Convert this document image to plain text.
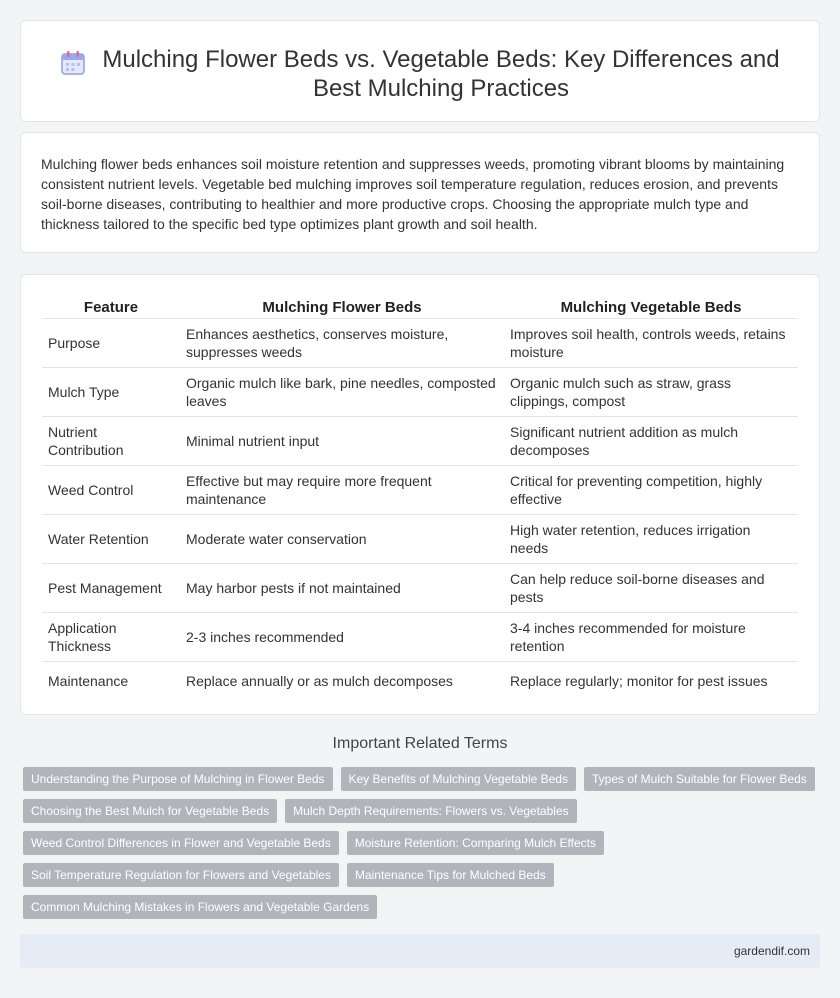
Mulching Flower Beds vs. Vegetable Beds: Key Differences and Best Mulching Practices

Mulching flower beds enhances soil moisture retention and suppresses weeds, promoting vibrant blooms by maintaining consistent nutrient levels. Vegetable bed mulching improves soil temperature regulation, reduces erosion, and prevents soil-borne diseases, contributing to healthier and more productive crops. Choosing the appropriate mulch type and thickness tailored to the specific bed type optimizes plant growth and soil health.

Feature	Mulching Flower Beds	Mulching Vegetable Beds
Purpose	Enhances aesthetics, conserves moisture, suppresses weeds	Improves soil health, controls weeds, retains moisture
Mulch Type	Organic mulch like bark, pine needles, composted leaves	Organic mulch such as straw, grass clippings, compost
Nutrient Contribution	Minimal nutrient input	Significant nutrient addition as mulch decomposes
Weed Control	Effective but may require more frequent maintenance	Critical for preventing competition, highly effective
Water Retention	Moderate water conservation	High water retention, reduces irrigation needs
Pest Management	May harbor pests if not maintained	Can help reduce soil-borne diseases and pests
Application Thickness	2-3 inches recommended	3-4 inches recommended for moisture retention
Maintenance	Replace annually or as mulch decomposes	Replace regularly; monitor for pest issues
Important Related Terms
Understanding the Purpose of Mulching in Flower Beds	Key Benefits of Mulching Vegetable Beds	Types of Mulch Suitable for Flower Beds
Choosing the Best Mulch for Vegetable Beds	Mulch Depth Requirements: Flowers vs. Vegetables
Weed Control Differences in Flower and Vegetable Beds	Moisture Retention: Comparing Mulch Effects
Soil Temperature Regulation for Flowers and Vegetables	Maintenance Tips for Mulched Beds
Common Mulching Mistakes in Flowers and Vegetable Gardens
gardendif.com
